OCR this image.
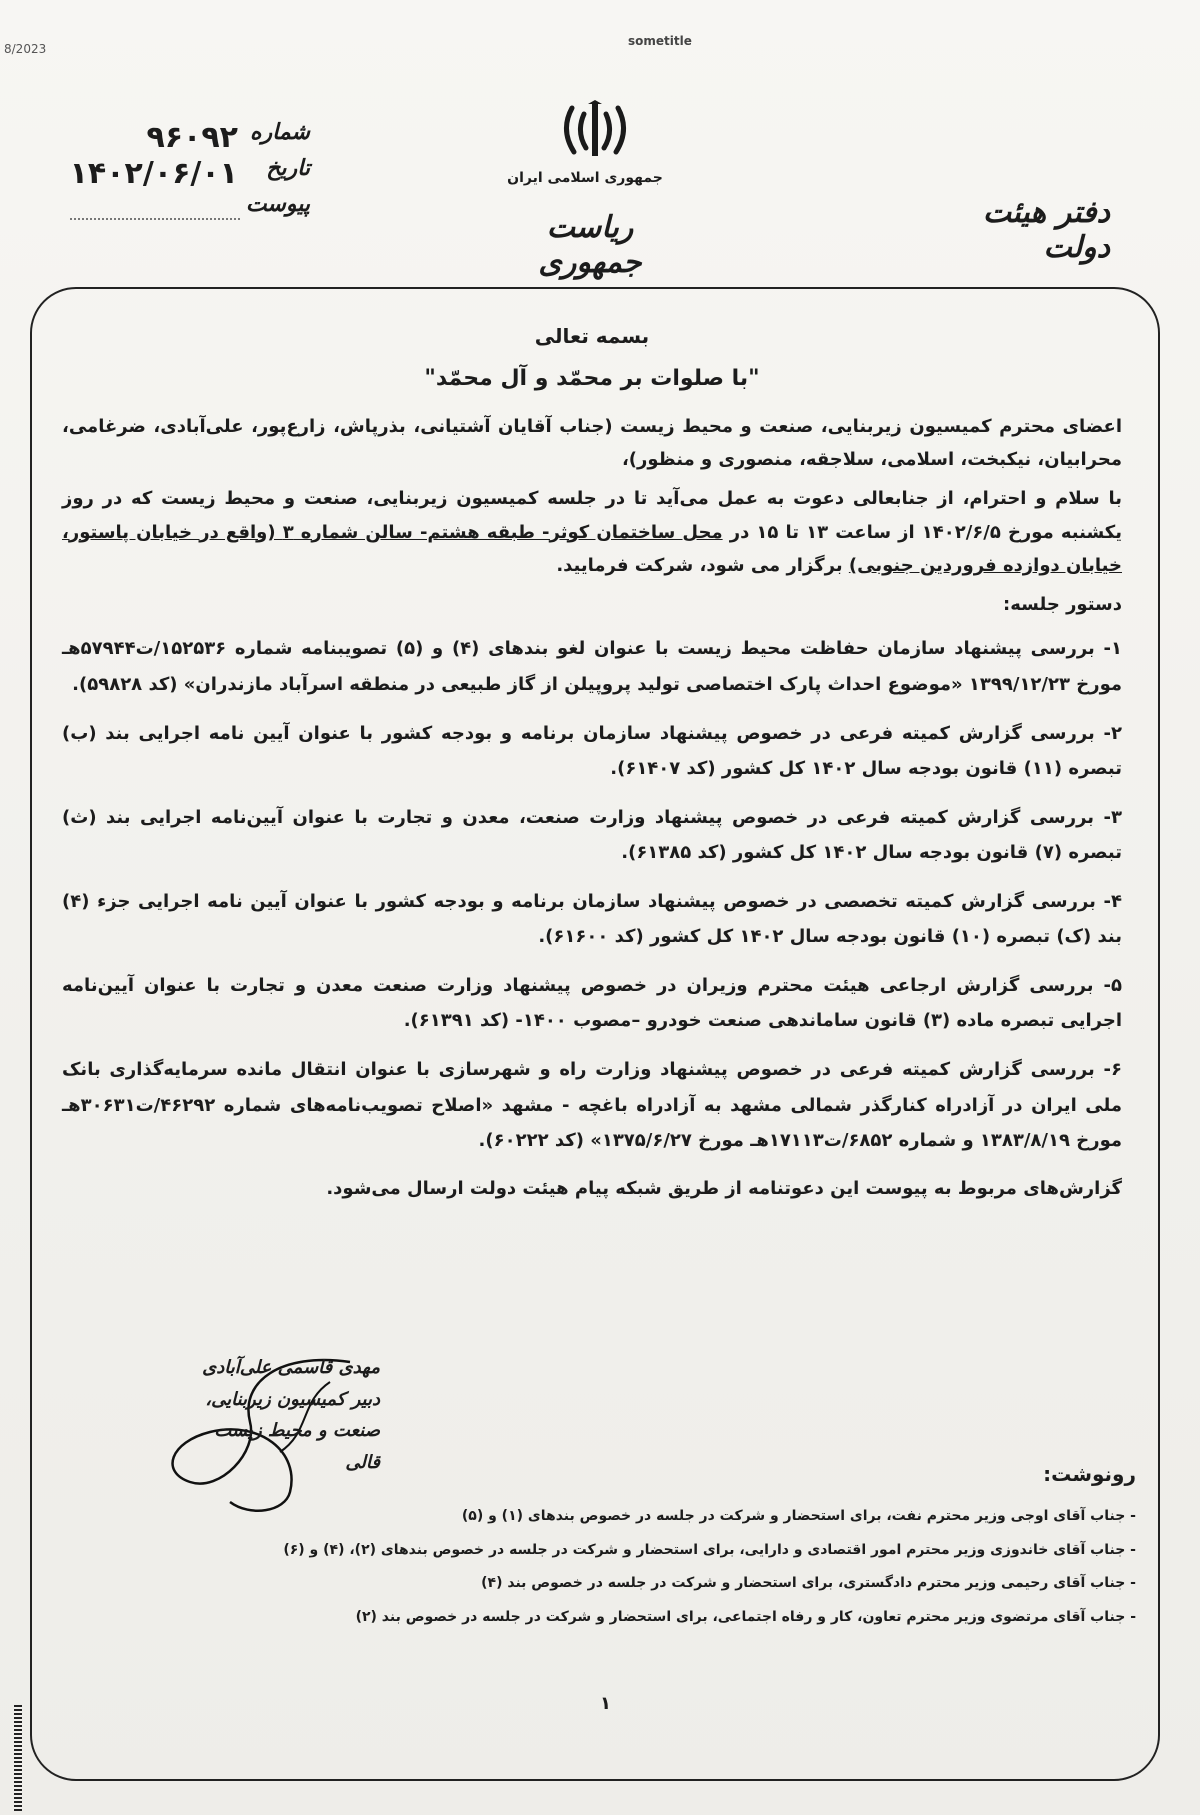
8/2023
sometitle
جمهوری اسلامی ایران
ریاست جمهوری
دفتر هیئت دولت
شماره
۹۶۰۹۲
تاریخ
۱۴۰۲/۰۶/۰۱
پیوست
بسمه تعالی
"با صلوات بر محمّد و آل محمّد"

اعضای محترم کمیسیون زیربنایی، صنعت و محیط زیست (جناب آقایان آشتیانی، بذرپاش، زارع‌پور، علی‌آبادی، ضرغامی، محرابیان، نیکبخت، اسلامی، سلاجقه، منصوری و منظور)،

با سلام و احترام، از جنابعالی دعوت به عمل می‌آید تا در جلسه کمیسیون زیربنایی، صنعت و محیط زیست که در روز یکشنبه مورخ ۱۴۰۲/۶/۵ از ساعت ۱۳ تا ۱۵ در محل ساختمان کوثر- طبقه هشتم- سالن شماره ۳ (واقع در خیابان پاستور، خیابان دوازده فروردین جنوبی) برگزار می شود، شرکت فرمایید.

دستور جلسه:
۱- بررسی پیشنهاد سازمان حفاظت محیط زیست با عنوان لغو بندهای (۴) و (۵) تصویبنامه شماره ۱۵۲۵۳۶/ت۵۷۹۴۴هـ مورخ ۱۳۹۹/۱۲/۲۳ «موضوع احداث پارک اختصاصی تولید پروپیلن از گاز طبیعی در منطقه اسرآباد مازندران» (کد ۵۹۸۲۸).
۲- بررسی گزارش کمیته فرعی در خصوص پیشنهاد سازمان برنامه و بودجه کشور با عنوان آیین نامه اجرایی بند (ب) تبصره (۱۱) قانون بودجه سال ۱۴۰۲ کل کشور (کد ۶۱۴۰۷).
۳- بررسی گزارش کمیته فرعی در خصوص پیشنهاد وزارت صنعت، معدن و تجارت با عنوان آیین‌نامه اجرایی بند (ث) تبصره (۷) قانون بودجه سال ۱۴۰۲ کل کشور (کد ۶۱۳۸۵).
۴- بررسی گزارش کمیته تخصصی در خصوص پیشنهاد سازمان برنامه و بودجه کشور با عنوان آیین نامه اجرایی جزء (۴) بند (ک) تبصره (۱۰) قانون بودجه سال ۱۴۰۲ کل کشور (کد ۶۱۶۰۰).
۵- بررسی گزارش ارجاعی هیئت محترم وزیران در خصوص پیشنهاد وزارت صنعت معدن و تجارت با عنوان آیین‌نامه اجرایی تبصره ماده (۳) قانون ساماندهی صنعت خودرو –مصوب ۱۴۰۰- (کد ۶۱۳۹۱).
۶- بررسی گزارش کمیته فرعی در خصوص پیشنهاد وزارت راه و شهرسازی با عنوان انتقال مانده سرمایه‌گذاری بانک ملی ایران در آزادراه کنارگذر شمالی مشهد به آزادراه باغچه - مشهد «اصلاح تصویب‌نامه‌های شماره ۴۶۲۹۲/ت۳۰۶۳۱هـ مورخ ۱۳۸۳/۸/۱۹ و شماره ۶۸۵۲/ت۱۷۱۱۳هـ مورخ ۱۳۷۵/۶/۲۷» (کد ۶۰۲۲۲).

گزارش‌های مربوط به پیوست این دعوتنامه از طریق شبکه پیام هیئت دولت ارسال می‌شود.

مهدی قاسمی علی‌آبادی
دبیر کمیسیون زیربنایی،
صنعت و محیط زیست
قالی	رونوشت:
- جناب آقای اوجی وزیر محترم نفت، برای استحضار و شرکت در جلسه در خصوص بندهای (۱) و (۵)
- جناب آقای خاندوزی وزیر محترم امور اقتصادی و دارایی، برای استحضار و شرکت در جلسه در خصوص بندهای (۲)، (۴) و (۶)
- جناب آقای رحیمی وزیر محترم دادگستری، برای استحضار و شرکت در جلسه در خصوص بند (۴)
- جناب آقای مرتضوی وزیر محترم تعاون، کار و رفاه اجتماعی، برای استحضار و شرکت در جلسه در خصوص بند (۲)
۱
